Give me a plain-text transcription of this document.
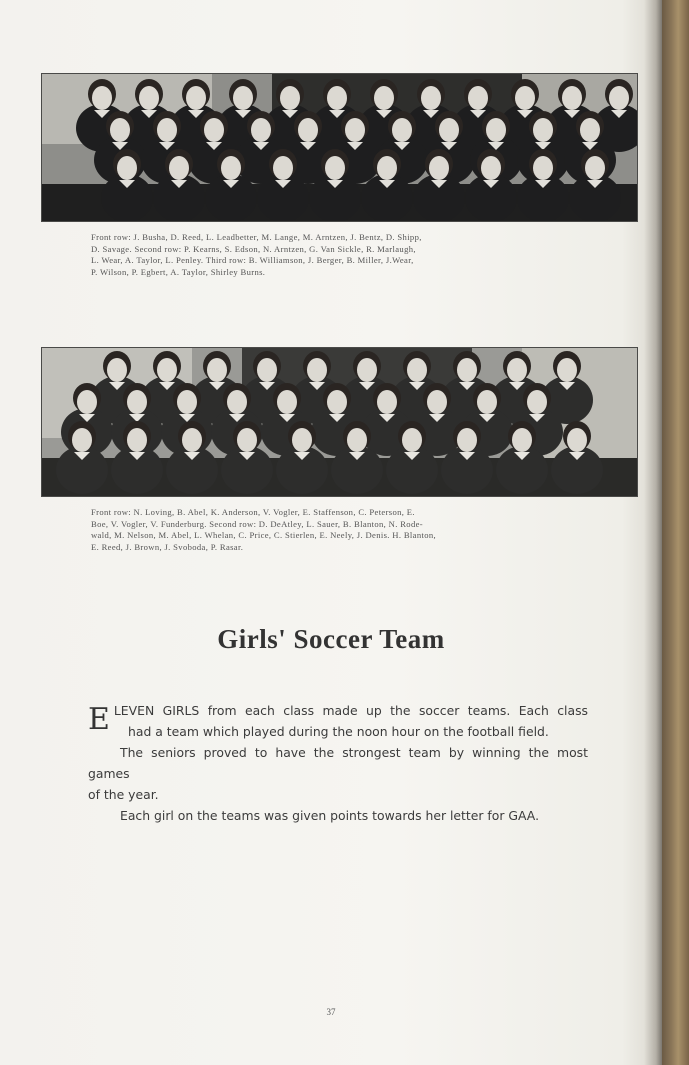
Front row: J. Busha, D. Reed, L. Leadbetter, M. Lange, M. Arntzen, J. Bentz, D. Shipp,
D. Savage. Second row: P. Kearns, S. Edson, N. Arntzen, G. Van Sickle, R. Marlaugh,
L. Wear, A. Taylor, L. Penley. Third row: B. Williamson, J. Berger, B. Miller, J.Wear,
P. Wilson, P. Egbert, A. Taylor, Shirley Burns.
Front row: N. Loving, B. Abel, K. Anderson, V. Vogler, E. Staffenson, C. Peterson, E.
Boe, V. Vogler, V. Funderburg. Second row: D. DeAtley, L. Sauer, B. Blanton, N. Rode-
wald, M. Nelson, M. Abel, L. Whelan, C. Price, C. Stierlen, E. Neely, J. Denis. H. Blanton,
E. Reed, J. Brown, J. Svoboda, P. Rasar.
Girls' Soccer Team
E LEVEN GIRLS from each class made up the soccer teams. Each class
had a team which played during the noon hour on the football field.
The seniors proved to have the strongest team by winning the most games
of the year.
Each girl on the teams was given points towards her letter for GAA.
37
